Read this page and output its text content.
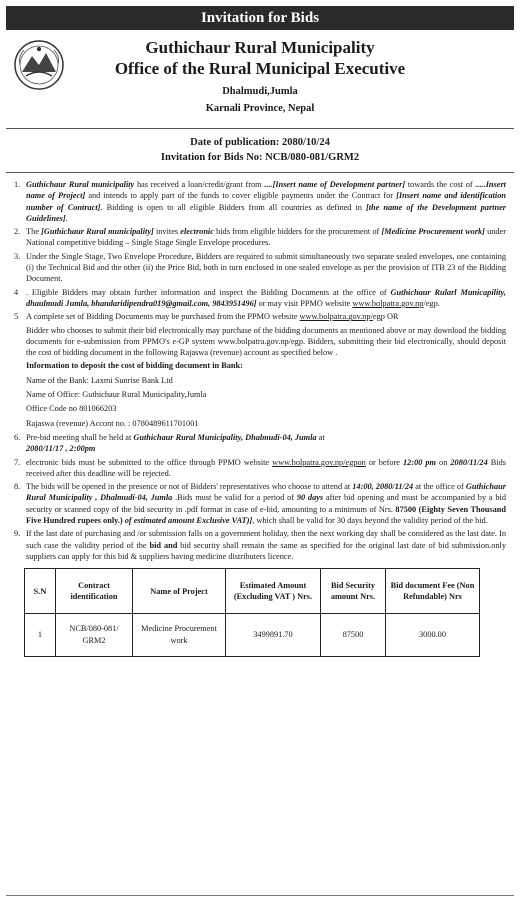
Invitation for Bids
Guthichaur Rural Municipality
Office of the Rural Municipal Executive
Dhalmudi,Jumla
Karnali Province, Nepal
Date of publication: 2080/10/24
Invitation for Bids No: NCB/080-081/GRM2
1. Guthichaur Rural municipality has received a loan/credit/grant from ....[Insert name of Development partner] towards the cost of .....Insert name of Project] and intends to apply part of the funds to cover eligible payments under the Contract for [Insert name and identification number of Contract]. Bidding is open to all eligible Bidders from all countries as defined in [the name of the Development partner Guidelines].
2. The [Guthichaur Rural municipality] invites electronic bids from eligible bidders for the procurement of [Medicine Procurement work] under National competitive bidding – Single Stage Single Envelope procedures.
3. Under the Single Stage, Two Envelope Procedure, Bidders are required to submit simultaneously two separate sealed envelopes, one containing (i) the Technical Bid and the other (ii) the Price Bid, both in turn enclosed in one sealed envelope as per the provision of ITB 23 of the Bidding Document.
4 . Eligible Bidders may obtain further information and inspect the Bidding Documents at the office of Guthichaur Rularl Municapility, dhaulmudi Jumla, bhandaridipendra019@gmail.com, 9843951496] or may visit PPMO website www.bolpatra.gov.np/egp.
5 A complete set of Bidding Documents may be purchased from the PPMO website www.bolpatra.gov.np/egp OR
Bidder who chooses to submit their bid electronically may purchase of the bidding documents as mentioned above or may download the bidding documents for e-submission from PPMO's e-GP system www.bolpatra.gov.np/egp. Bidders, submitting their bid electronically, should deposit the cost of bidding document in the following Rajaswa (revenue) account as specified below .
Information to deposit the cost of bidding document in Bank:
Name of the Bank: Laxmi Sunrise Bank Ltd
Name of Office: Guthichaur Rural Municipality,Jumla
Office Code no 801066203
Rajaswa (revenue) Accont no. : 0780489611701001
6. Pre-bid meeting shall be held at Guthichaur Rural Municipality, Dhalmudi-04, Jumla at
2080/11/17 , 2:00pm
7. electronic bids must be submitted to the office through PPMO website www.bolpatra.gov.np/egpon or before 12:00 pm on 2080/11/24 Bids received after this deadline will be rejected.
8. The bids will be opened in the presence or not of Bidders' representatives who choose to attend at 14:00, 2080/11/24 at the office of Guthichaur Rural Municipality , Dhalmudi-04, Jumla .Bids must be valid for a period of 90 days after bid opening and must be accompanied by a bid security or scanned copy of the bid security in .pdf format in case of e-bid, amounting to a minimum of Nrs. 87500 (Eighty Seven Thousand Five Hundred rupees only.) of estimated amount Exclusive VAT)], which shall be valid for 30 days beyond the validity period of the bid.
9. If the last date of purchasing and /or submission falls on a government holiday, then the next working day shall be considered as the last date. In such case the validity period of the bid and bid security shall remain the same as specified for the original last date of bid submission.only suppliers can apply for this bid & suppliers having medicine distributers licence.
S.N	Contract identification	Name of Project	Estimated Amount (Excluding VAT ) Nrs.	Bid Security amount Nrs.	Bid document Fee (Non Refundable) Nrs
1	NCB/080-081/ GRM2	Medicine Procurement work	3499891.70	87500	3000.00
